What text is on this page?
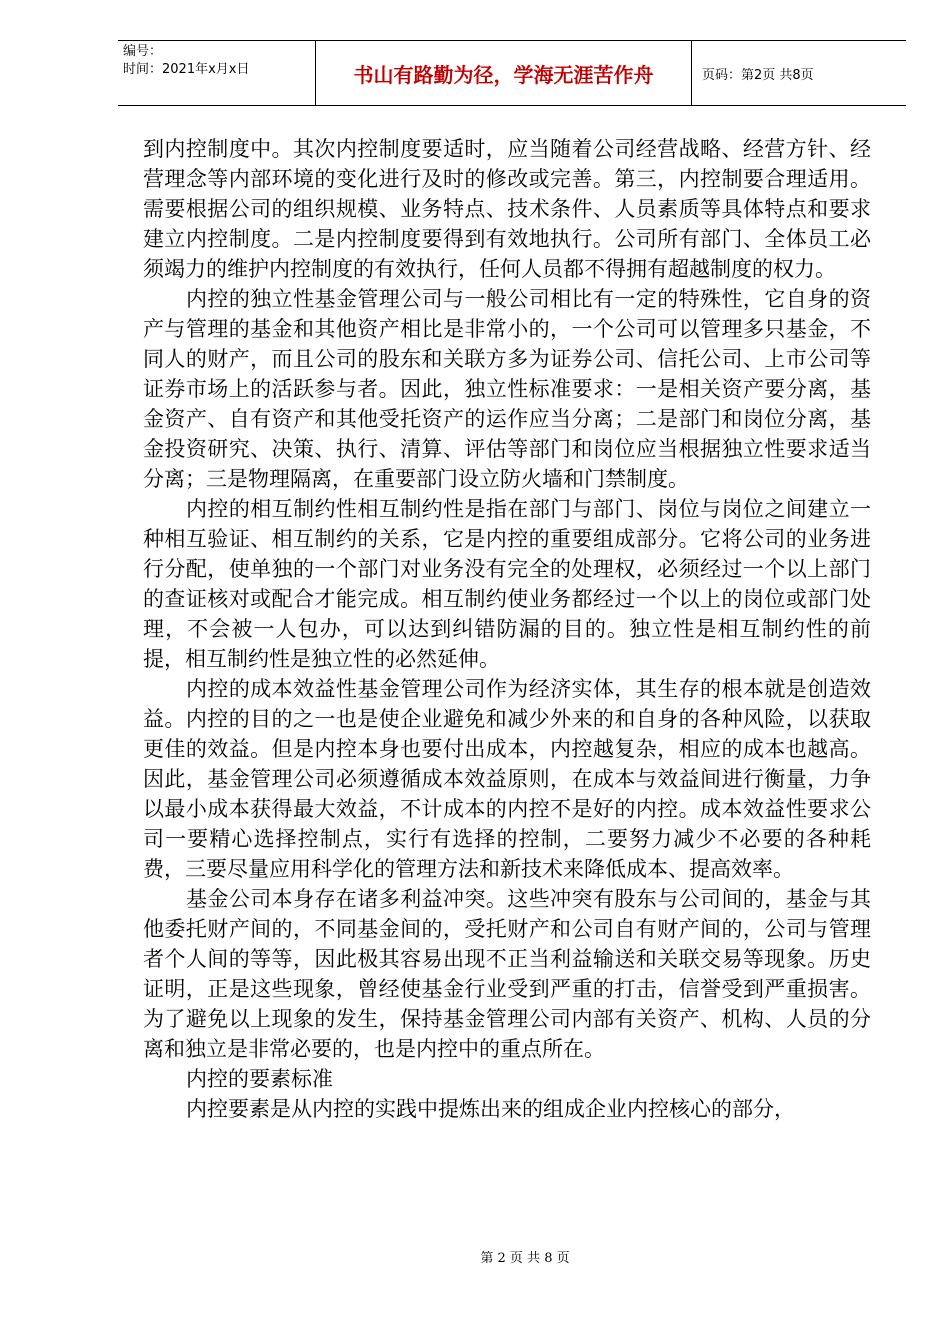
编号：
时间：2021年x月x日	书山有路勤为径，学海无涯苦作舟	页码：第2页 共8页

到内控制度中。其次内控制度要适时，应当随着公司经营战略、经营方针、经营理念等内部环境的变化进行及时的修改或完善。第三，内控制要合理适用。需要根据公司的组织规模、业务特点、技术条件、人员素质等具体特点和要求建立内控制度。二是内控制度要得到有效地执行。公司所有部门、全体员工必须竭力的维护内控制度的有效执行，任何人员都不得拥有超越制度的权力。

内控的独立性基金管理公司与一般公司相比有一定的特殊性，它自身的资产与管理的基金和其他资产相比是非常小的，一个公司可以管理多只基金，不同人的财产，而且公司的股东和关联方多为证券公司、信托公司、上市公司等证券市场上的活跃参与者。因此，独立性标准要求：一是相关资产要分离，基金资产、自有资产和其他受托资产的运作应当分离；二是部门和岗位分离，基金投资研究、决策、执行、清算、评估等部门和岗位应当根据独立性要求适当分离；三是物理隔离，在重要部门设立防火墙和门禁制度。

内控的相互制约性相互制约性是指在部门与部门、岗位与岗位之间建立一种相互验证、相互制约的关系，它是内控的重要组成部分。它将公司的业务进行分配，使单独的一个部门对业务没有完全的处理权，必须经过一个以上部门的查证核对或配合才能完成。相互制约使业务都经过一个以上的岗位或部门处理，不会被一人包办，可以达到纠错防漏的目的。独立性是相互制约性的前提，相互制约性是独立性的必然延伸。

内控的成本效益性基金管理公司作为经济实体，其生存的根本就是创造效益。内控的目的之一也是使企业避免和减少外来的和自身的各种风险，以获取更佳的效益。但是内控本身也要付出成本，内控越复杂，相应的成本也越高。因此，基金管理公司必须遵循成本效益原则，在成本与效益间进行衡量，力争以最小成本获得最大效益，不计成本的内控不是好的内控。成本效益性要求公司一要精心选择控制点，实行有选择的控制，二要努力减少不必要的各种耗费，三要尽量应用科学化的管理方法和新技术来降低成本、提高效率。

基金公司本身存在诸多利益冲突。这些冲突有股东与公司间的，基金与其他委托财产间的，不同基金间的，受托财产和公司自有财产间的，公司与管理者个人间的等等，因此极其容易出现不正当利益输送和关联交易等现象。历史证明，正是这些现象，曾经使基金行业受到严重的打击，信誉受到严重损害。为了避免以上现象的发生，保持基金管理公司内部有关资产、机构、人员的分离和独立是非常必要的，也是内控中的重点所在。

内控的要素标准

内控要素是从内控的实践中提炼出来的组成企业内控核心的部分，

第 2 页 共 8 页
